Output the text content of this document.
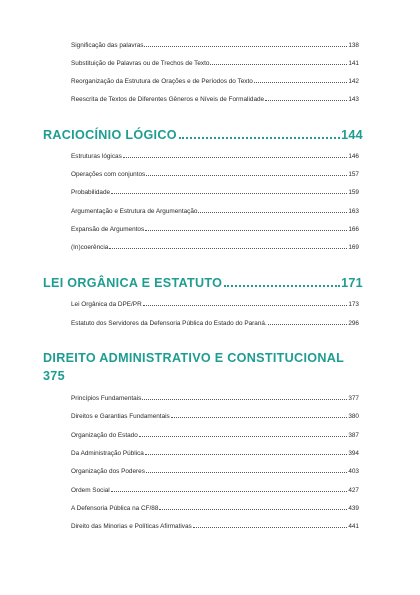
Significação das palavras	138
Substituição de Palavras ou de Trechos de Texto	141
Reorganização da Estrutura de Orações e de Períodos do Texto	142
Reescrita de Textos de Diferentes Gêneros e Níveis de Formalidade	143
RACIOCÍNIO LÓGICO	144
Estruturas lógicas	146
Operações com conjuntos	157
Probabilidade	159
Argumentação e Estrutura de Argumentação	163
Expansão de Argumentos	166
(In)coerência	169
LEI ORGÂNICA E ESTATUTO	171
Lei Orgânica da DPE/PR	173
Estatuto dos Servidores da Defensoria Pública do Estado do Paraná.	296
DIREITO ADMINISTRATIVO E CONSTITUCIONAL
375
Princípios Fundamentais	377
Direitos e Garantias Fundamentais	380
Organização do Estado	387
Da Administração Pública	394
Organização dos Poderes	403
Ordem Social	427
A Defensoria Pública na CF/88	439
Direito das Minorias e Políticas Afirmativas	441
